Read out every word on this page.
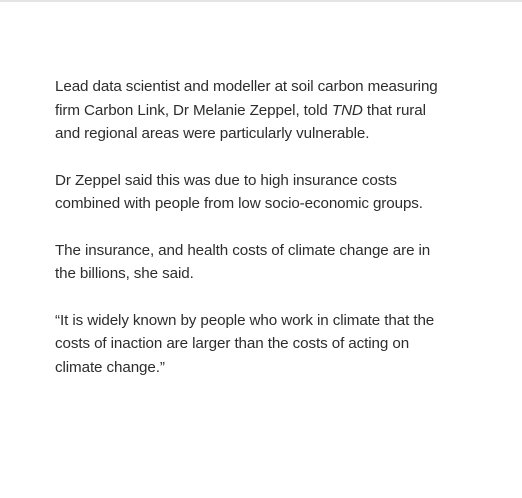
Lead data scientist and modeller at soil carbon measuring firm Carbon Link, Dr Melanie Zeppel, told TND that rural and regional areas were particularly vulnerable.

Dr Zeppel said this was due to high insurance costs combined with people from low socio-economic groups.

The insurance, and health costs of climate change are in the billions, she said.

“It is widely known by people who work in climate that the costs of inaction are larger than the costs of acting on climate change.”
